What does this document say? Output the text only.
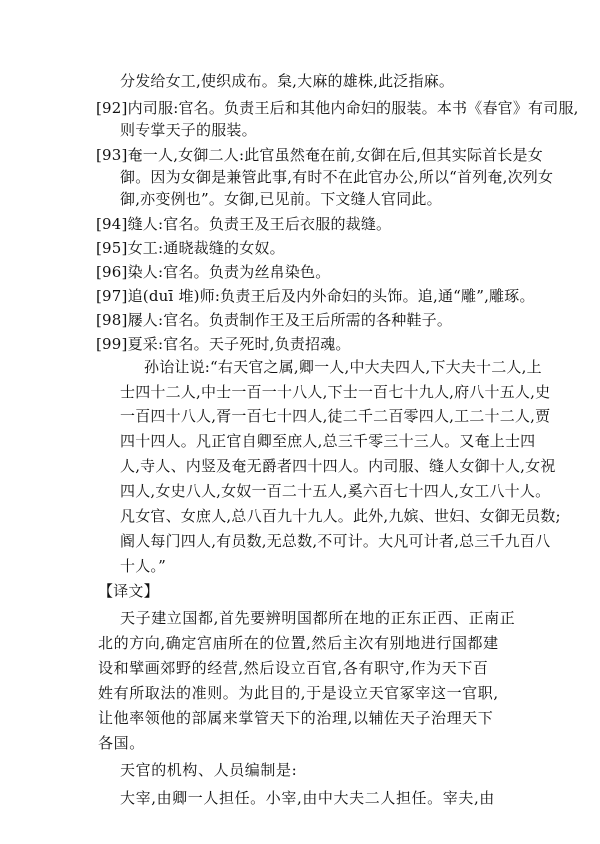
分发给女工,使织成布。枲,大麻的雄株,此泛指麻。
[92]内司服:官名。负责王后和其他内命妇的服装。本书《春官》有司服,
则专掌天子的服装。
[93]奄一人,女御二人:此官虽然奄在前,女御在后,但其实际首长是女
御。因为女御是兼管此事,有时不在此官办公,所以“首列奄,次列女
御,亦变例也”。女御,已见前。下文缝人官同此。
[94]缝人:官名。负责王及王后衣服的裁缝。
[95]女工:通晓裁缝的女奴。
[96]染人:官名。负责为丝帛染色。
[97]追(duī 堆)师:负责王后及内外命妇的头饰。追,通“雕”,雕琢。
[98]屦人:官名。负责制作王及王后所需的各种鞋子。
[99]夏采:官名。天子死时,负责招魂。
孙诒让说:“右天官之属,卿一人,中大夫四人,下大夫十二人,上
士四十二人,中士一百一十八人,下士一百七十九人,府八十五人,史
一百四十八人,胥一百七十四人,徒二千二百零四人,工二十二人,贾
四十四人。凡正官自卿至庶人,总三千零三十三人。又奄上士四
人,寺人、内竖及奄无爵者四十四人。内司服、缝人女御十人,女祝
四人,女史八人,女奴一百二十五人,奚六百七十四人,女工八十人。
凡女官、女庶人,总八百九十九人。此外,九嫔、世妇、女御无员数;
阍人每门四人,有员数,无总数,不可计。大凡可计者,总三千九百八
十人。”
【译文】
天子建立国都,首先要辨明国都所在地的正东正西、正南正
北的方向,确定宫庙所在的位置,然后主次有别地进行国都建
设和擘画郊野的经营,然后设立百官,各有职守,作为天下百
姓有所取法的准则。为此目的,于是设立天官冢宰这一官职,
让他率领他的部属来掌管天下的治理,以辅佐天子治理天下
各国。
天官的机构、人员编制是:
大宰,由卿一人担任。小宰,由中大夫二人担任。宰夫,由
